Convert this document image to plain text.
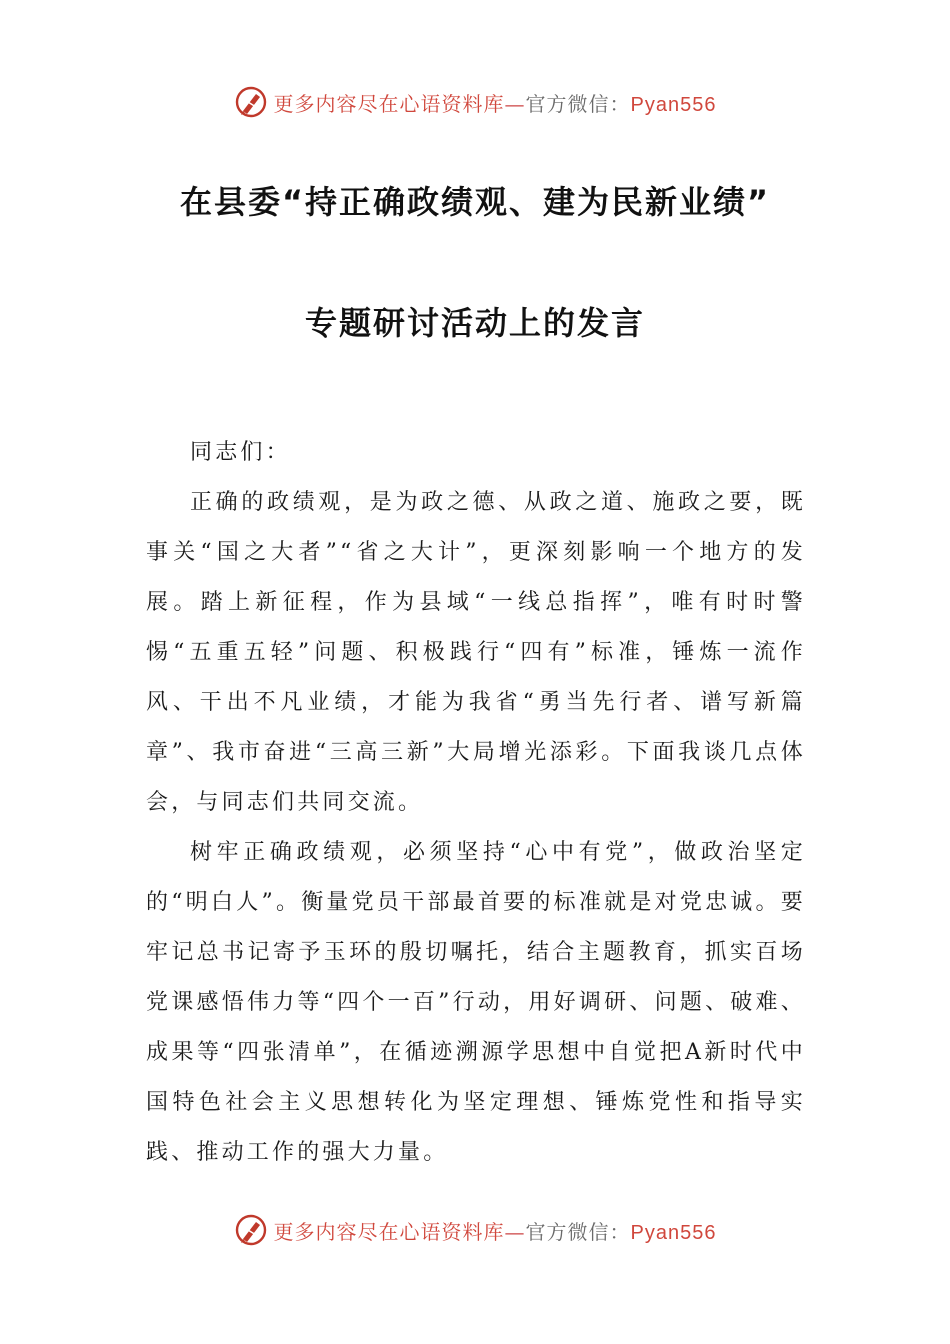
更多内容尽在心语资料库—官方微信：Pyan556
在县委“持正确政绩观、建为民新业绩”
专题研讨活动上的发言

同志们：

正确的政绩观，是为政之德、从政之道、施政之要，既事关“国之大者”“省之大计”，更深刻影响一个地方的发展。踏上新征程，作为县域“一线总指挥”，唯有时时警惕“五重五轻”问题、积极践行“四有”标准，锤炼一流作风、干出不凡业绩，才能为我省“勇当先行者、谱写新篇章”、我市奋进“三高三新”大局增光添彩。下面我谈几点体会，与同志们共同交流。

树牢正确政绩观，必须坚持“心中有党”，做政治坚定的“明白人”。衡量党员干部最首要的标准就是对党忠诚。要牢记总书记寄予玉环的殷切嘱托，结合主题教育，抓实百场党课感悟伟力等“四个一百”行动，用好调研、问题、破难、成果等“四张清单”，在循迹溯源学思想中自觉把A新时代中国特色社会主义思想转化为坚定理想、锤炼党性和指导实践、推动工作的强大力量。

更多内容尽在心语资料库—官方微信：Pyan556
